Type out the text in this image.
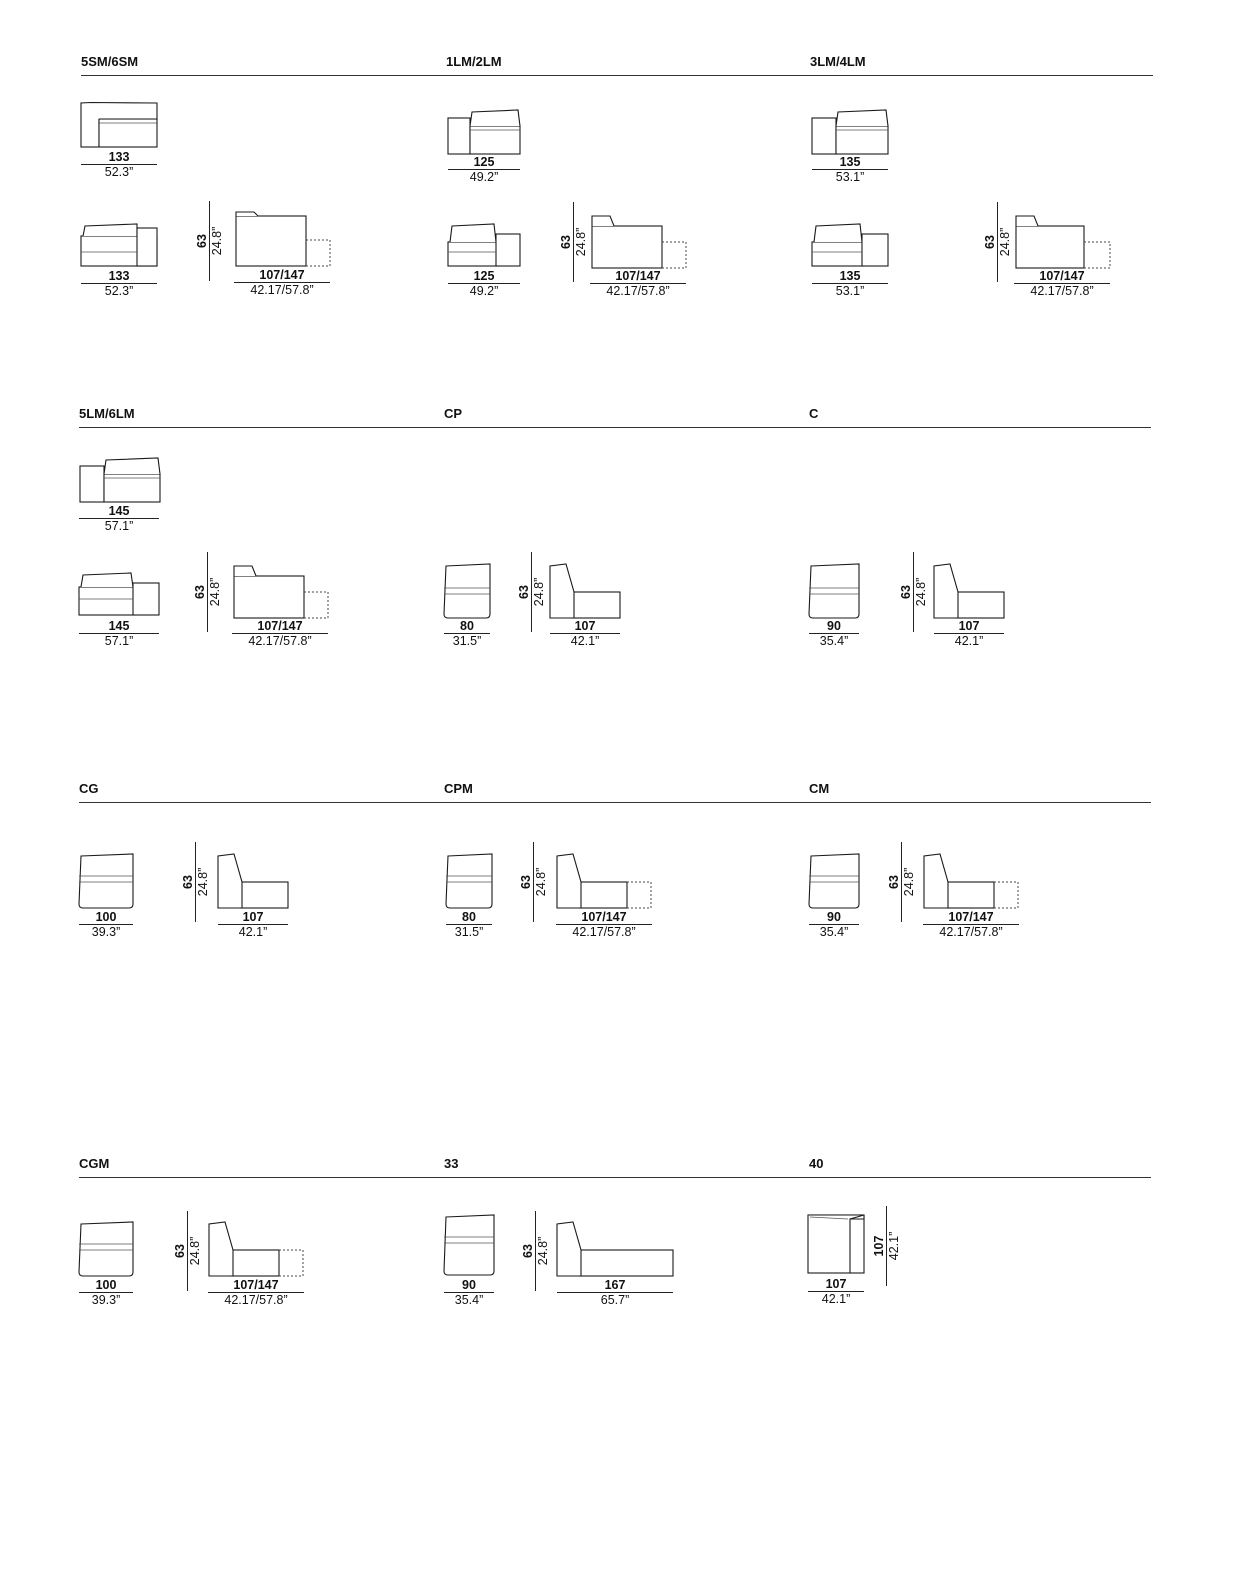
5SM/6SM
133
52.3”
133
52.3”
63 24.8”
107/147
42.17/57.8”
1LM/2LM
125
49.2”
125
49.2”
63 24.8”
107/147
42.17/57.8”
3LM/4LM
135
53.1”
135
53.1”
63 24.8”
107/147
42.17/57.8”
5LM/6LM
145
57.1”
145
57.1”
63 24.8”
107/147
42.17/57.8”
CP
80
31.5”
63 24.8”
107
42.1”
C
90
35.4”
63 24.8”
107
42.1”
CG
100
39.3”
63 24.8”
107
42.1”
CPM
80
31.5”
63 24.8”
107/147
42.17/57.8”
CM
90
35.4”
63 24.8”
107/147
42.17/57.8”
CGM
100
39.3”
63 24.8”
107/147
42.17/57.8”
33
90
35.4”
63 24.8”
167
65.7”
40
107
42.1”
107 42.1”
